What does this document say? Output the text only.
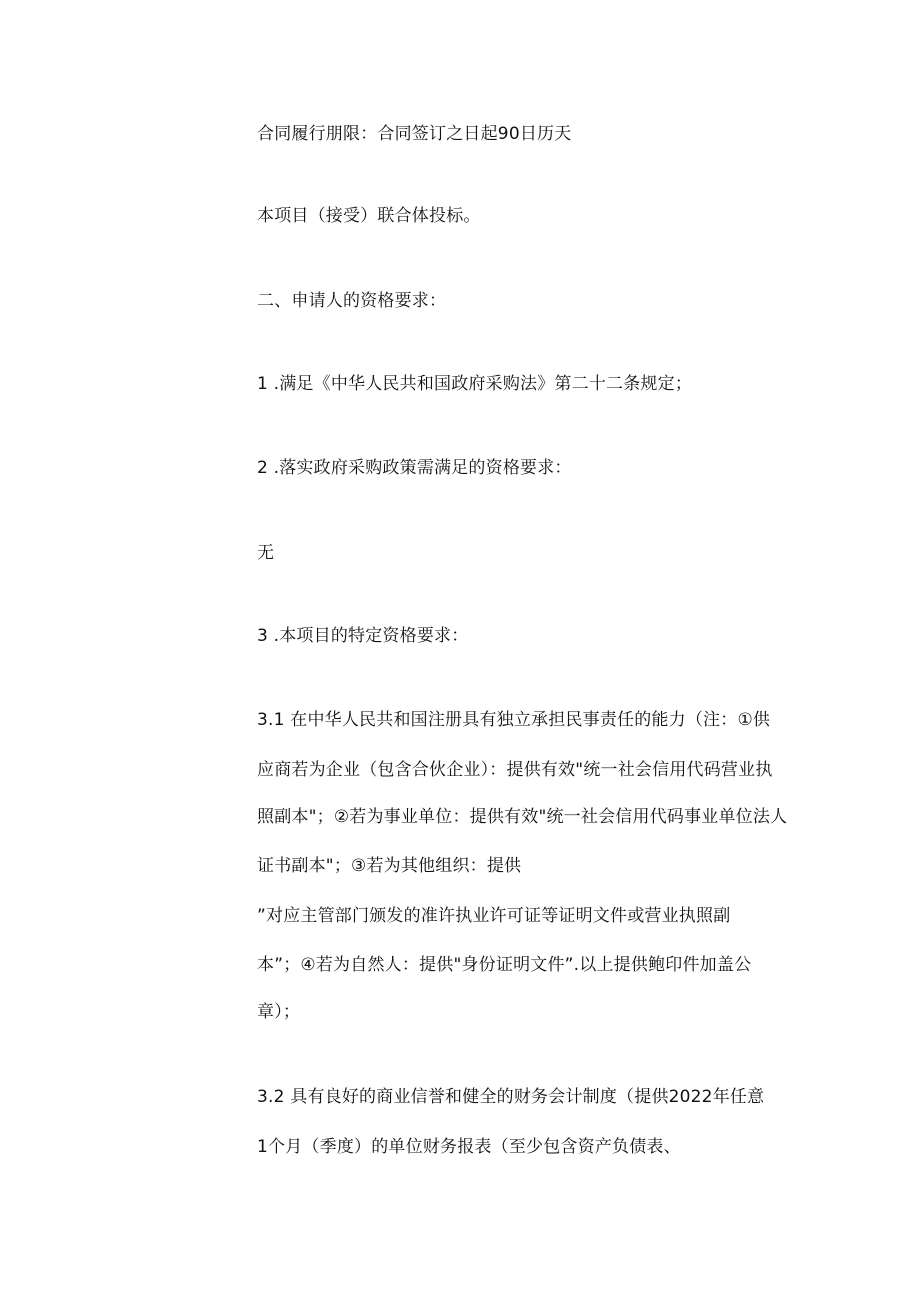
合同履行朋限：合同签订之日起90日历天
本项目（接受）联合体投标。
二、申请人的资格要求：
1 .满足《中华人民共和国政府采购法》第二十二条规定；
2 .落实政府采购政策需满足的资格要求：
无
3 .本项目的特定资格要求：
3.1 在中华人民共和国注册具有独立承担民事责任的能力（注：①供
应商若为企业（包含合伙企业）：提供有效"统一社会信用代码营业执
照副本"；②若为事业单位：提供有效"统一社会信用代码事业单位法人
证书副本"；③若为其他组织：提供
”对应主管部门颁发的准许执业许可证等证明文件或营业执照副
本”；④若为自然人：提供"身份证明文件”.以上提供鲍印件加盖公
章）；
3.2 具有良好的商业信誉和健全的财务会计制度（提供2022年任意
1个月（季度）的单位财务报表（至少包含资产负债表、
